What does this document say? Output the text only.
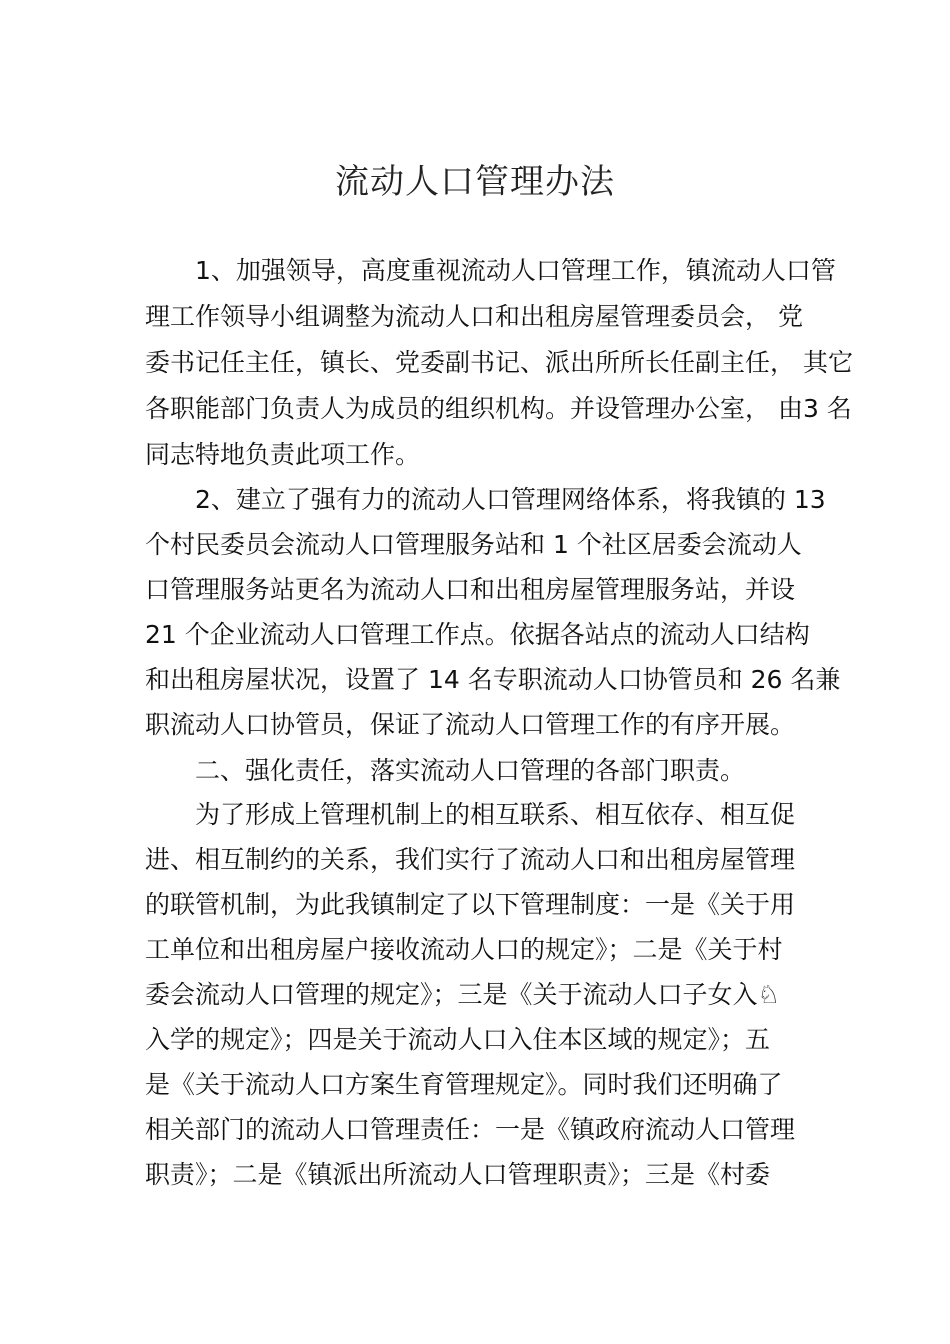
流动人口管理办法
1、加强领导，高度重视流动人口管理工作，镇流动人口管
理工作领导小组调整为流动人口和出租房屋管理委员会， 党
委书记任主任，镇长、党委副书记、派出所所长任副主任， 其它
各职能部门负责人为成员的组织机构。并设管理办公室， 由3 名
同志特地负责此项工作。
2、建立了强有力的流动人口管理网络体系，将我镇的 13
个村民委员会流动人口管理服务站和 1 个社区居委会流动人
口管理服务站更名为流动人口和出租房屋管理服务站，并设
21 个企业流动人口管理工作点。依据各站点的流动人口结构
和出租房屋状况，设置了 14 名专职流动人口协管员和 26 名兼
职流动人口协管员，保证了流动人口管理工作的有序开展。
二、强化责任，落实流动人口管理的各部门职责。
为了形成上管理机制上的相互联系、相互依存、相互促
进、相互制约的关系，我们实行了流动人口和出租房屋管理
的联管机制，为此我镇制定了以下管理制度：一是《关于用
工单位和出租房屋户接收流动人口的规定》；二是《关于村
委会流动人口管理的规定》；三是《关于流动人口子女入♘
入学的规定》；四是关于流动人口入住本区域的规定》；五
是《关于流动人口方案生育管理规定》。同时我们还明确了
相关部门的流动人口管理责任：一是《镇政府流动人口管理
职责》；二是《镇派出所流动人口管理职责》；三是《村委
